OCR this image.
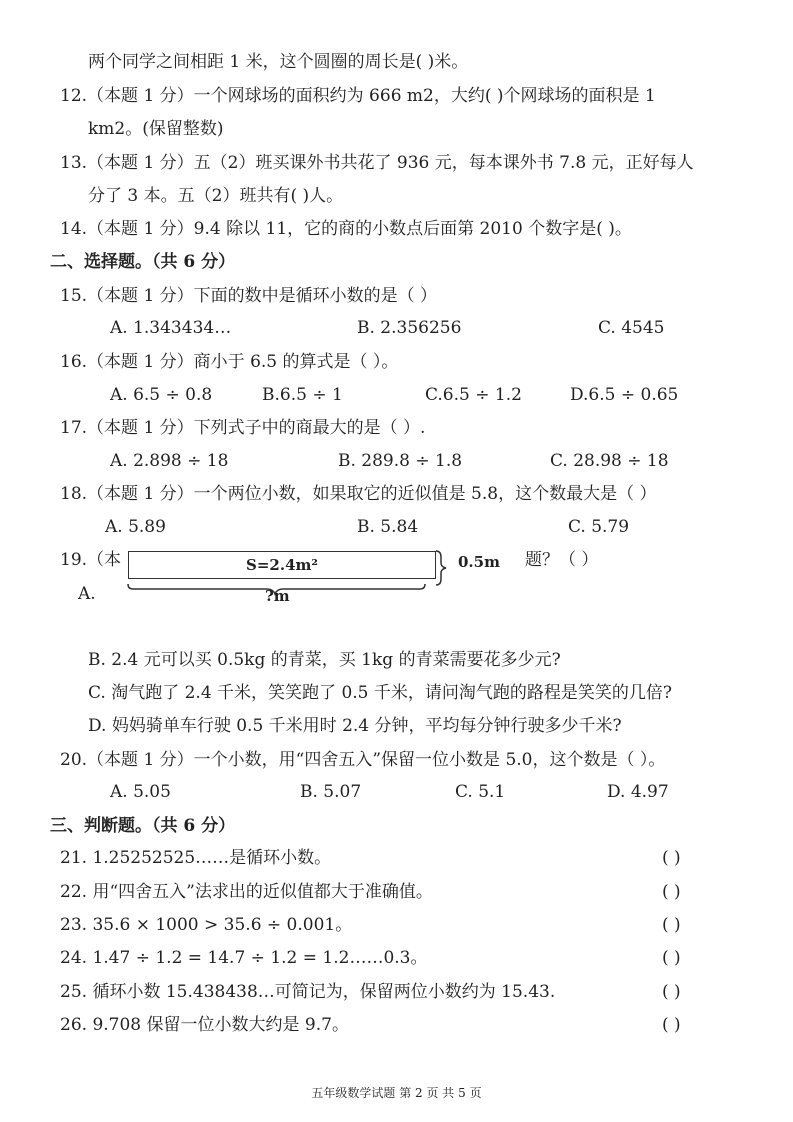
两个同学之间相距 1 米，这个圆圈的周长是( )米。
12.（本题 1 分）一个网球场的面积约为 666 m2，大约( )个网球场的面积是 1
km2。(保留整数)
13.（本题 1 分）五（2）班买课外书共花了 936 元，每本课外书 7.8 元，正好每人
分了 3 本。五（2）班共有( )人。
14.（本题 1 分）9.4 除以 11，它的商的小数点后面第 2010 个数字是( )。
二、选择题。（共 6 分）
15.（本题 1 分）下面的数中是循环小数的是（ ）
A. 1.343434…	B. 2.356256	C. 4545
16.（本题 1 分）商小于 6.5 的算式是（ ）。
A. 6.5 ÷ 0.8	B.6.5 ÷ 1	C.6.5 ÷ 1.2	D.6.5 ÷ 0.65
17.（本题 1 分）下列式子中的商最大的是（ ）.
A. 2.898 ÷ 18	B. 289.8 ÷ 1.8	C. 28.98 ÷ 18
18.（本题 1 分）一个两位小数，如果取它的近似值是 5.8，这个数最大是（ ）
A. 5.89	B. 5.84	C. 5.79
19.（本	S=2.4m²	0.5m 题？（ ）
?m
A.
B. 2.4 元可以买 0.5kg 的青菜，买 1kg 的青菜需要花多少元?
C. 淘气跑了 2.4 千米，笑笑跑了 0.5 千米，请问淘气跑的路程是笑笑的几倍?
D. 妈妈骑单车行驶 0.5 千米用时 2.4 分钟，平均每分钟行驶多少千米?
20.（本题 1 分）一个小数，用“四舍五入”保留一位小数是 5.0，这个数是（ ）。
A. 5.05	B. 5.07	C. 5.1	D. 4.97
三、判断题。（共 6 分）
21. 1.25252525……是循环小数。	( )
22. 用“四舍五入”法求出的近似值都大于准确值。	( )
23. 35.6 × 1000 > 35.6 ÷ 0.001。	( )
24. 1.47 ÷ 1.2 = 14.7 ÷ 1.2 = 1.2……0.3。	( )
25. 循环小数 15.438438…可简记为，保留两位小数约为 15.43.	( )
26. 9.708 保留一位小数大约是 9.7。	( )
五年级数学试题 第 2 页 共 5 页
